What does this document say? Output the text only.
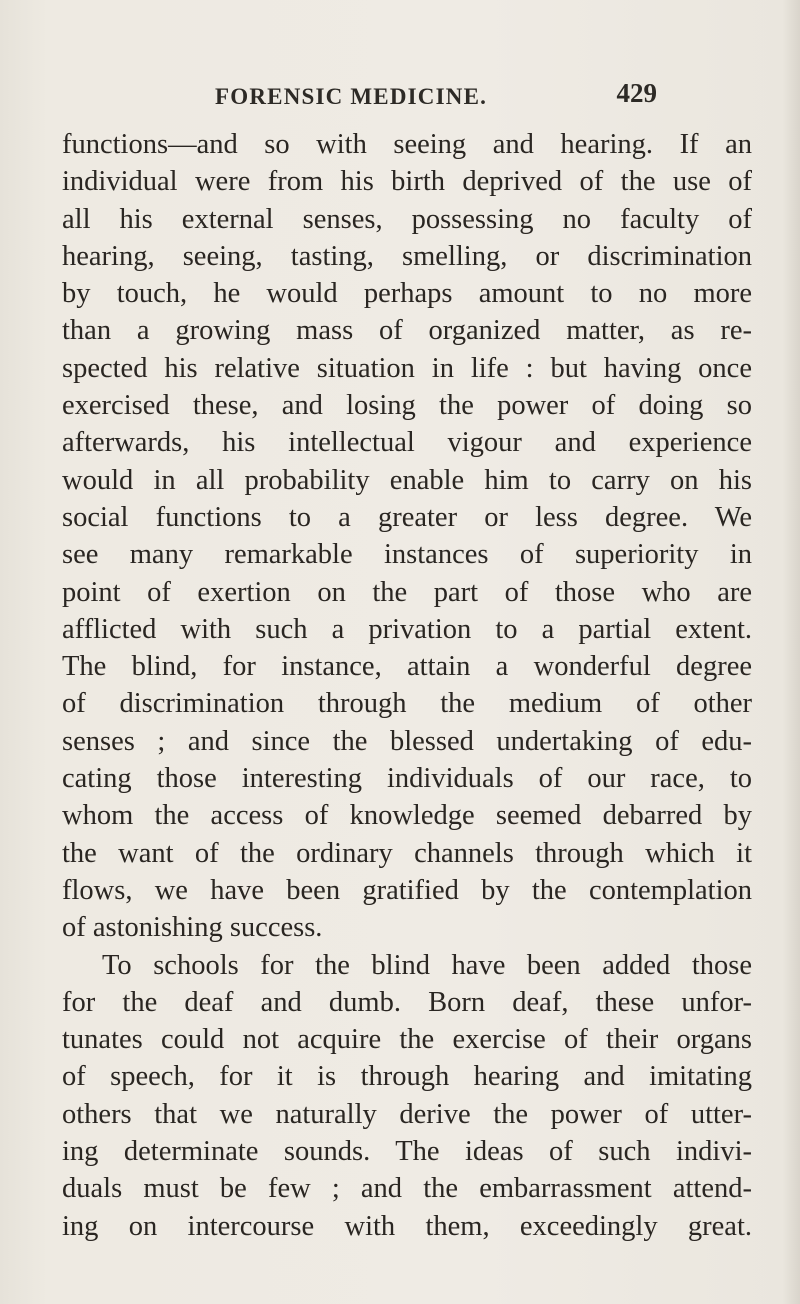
FORENSIC MEDICINE.	429
functions—and so with seeing and hearing. If an
individual were from his birth deprived of the use of
all his external senses, possessing no faculty of
hearing, seeing, tasting, smelling, or discrimination
by touch, he would perhaps amount to no more
than a growing mass of organized matter, as re-
spected his relative situation in life : but having once
exercised these, and losing the power of doing so
afterwards, his intellectual vigour and experience
would in all probability enable him to carry on his
social functions to a greater or less degree. We
see many remarkable instances of superiority in
point of exertion on the part of those who are
afflicted with such a privation to a partial extent.
The blind, for instance, attain a wonderful degree
of discrimination through the medium of other
senses ; and since the blessed undertaking of edu-
cating those interesting individuals of our race, to
whom the access of knowledge seemed debarred by
the want of the ordinary channels through which it
flows, we have been gratified by the contemplation
of astonishing success.
To schools for the blind have been added those
for the deaf and dumb. Born deaf, these unfor-
tunates could not acquire the exercise of their organs
of speech, for it is through hearing and imitating
others that we naturally derive the power of utter-
ing determinate sounds. The ideas of such indivi-
duals must be few ; and the embarrassment attend-
ing on intercourse with them, exceedingly great.
